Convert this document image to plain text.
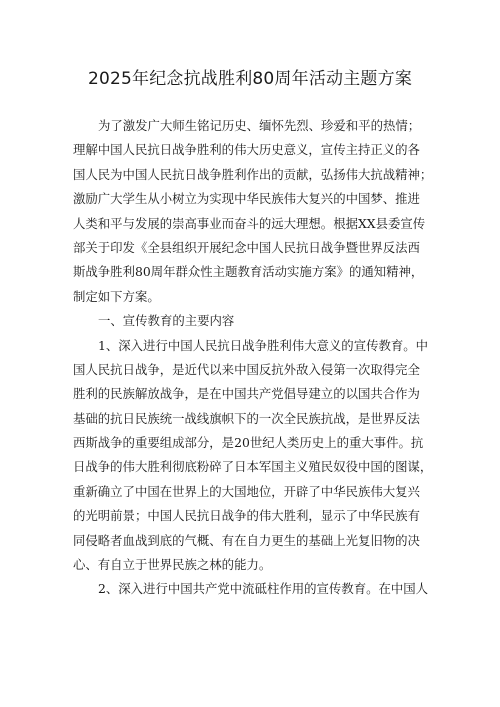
2025年纪念抗战胜利80周年活动主题方案
为了激发广大师生铭记历史、缅怀先烈、珍爱和平的热情；
理解中国人民抗日战争胜利的伟大历史意义，宣传主持正义的各
国人民为中国人民抗日战争胜利作出的贡献，弘扬伟大抗战精神；
激励广大学生从小树立为实现中华民族伟大复兴的中国梦、推进
人类和平与发展的崇高事业而奋斗的远大理想。根据XX县委宣传
部关于印发《全县组织开展纪念中国人民抗日战争暨世界反法西
斯战争胜利80周年群众性主题教育活动实施方案》的通知精神，
制定如下方案。
一、宣传教育的主要内容
1、深入进行中国人民抗日战争胜利伟大意义的宣传教育。中
国人民抗日战争，是近代以来中国反抗外敌入侵第一次取得完全
胜利的民族解放战争，是在中国共产党倡导建立的以国共合作为
基础的抗日民族统一战线旗帜下的一次全民族抗战，是世界反法
西斯战争的重要组成部分，是20世纪人类历史上的重大事件。抗
日战争的伟大胜利彻底粉碎了日本军国主义殖民奴役中国的图谋，
重新确立了中国在世界上的大国地位，开辟了中华民族伟大复兴
的光明前景；中国人民抗日战争的伟大胜利，显示了中华民族有
同侵略者血战到底的气概、有在自力更生的基础上光复旧物的决
心、有自立于世界民族之林的能力。
2、深入进行中国共产党中流砥柱作用的宣传教育。在中国人
